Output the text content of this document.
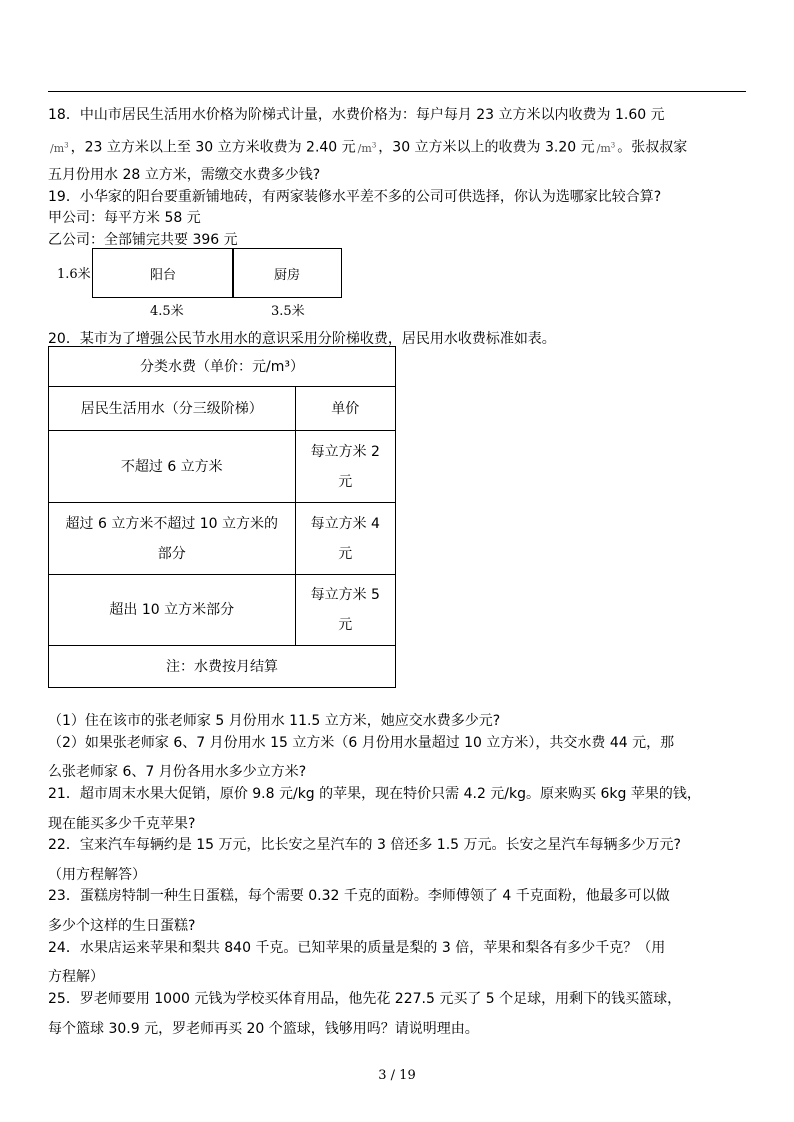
18．中山市居民生活用水价格为阶梯式计量，水费价格为：每户每月 23 立方米以内收费为 1.60 元
$/m^3$ ，23 立方米以上至 30 立方米收费为 2.40 元 $/m^3$ ，30 立方米以上的收费为 3.20 元 $/m^3$ 。张叔叔家
五月份用水 28 立方米，需缴交水费多少钱?
19．小华家的阳台要重新铺地砖，有两家装修水平差不多的公司可供选择，你认为选哪家比较合算?
甲公司：每平方米 58 元
乙公司：全部铺完共要 396 元
1.6米	阳台	厨房
4.5米	3.5米
20．某市为了增强公民节水用水的意识采用分阶梯收费，居民用水收费标准如表。
分类水费（单价：元/m³）	
居民生活用水（分三级阶梯）	单价
不超过 6 立方米	每立方米 2
元
超过 6 立方米不超过 10 立方米的
部分	每立方米 4
元
超出 10 立方米部分	每立方米 5
元
注：水费按月结算	
（1）住在该市的张老师家 5 月份用水 11.5 立方米，她应交水费多少元?
（2）如果张老师家 6、7 月份用水 15 立方米（6 月份用水量超过 10 立方米），共交水费 44 元，那
么张老师家 6、7 月份各用水多少立方米?
21．超市周末水果大促销，原价 9.8 元/kg 的苹果，现在特价只需 4.2 元/kg。原来购买 6kg 苹果的钱，
现在能买多少千克苹果?
22．宝来汽车每辆约是 15 万元，比长安之星汽车的 3 倍还多 1.5 万元。长安之星汽车每辆多少万元?
（用方程解答）
23．蛋糕房特制一种生日蛋糕，每个需要 0.32 千克的面粉。李师傅领了 4 千克面粉，他最多可以做
多少个这样的生日蛋糕?
24．水果店运来苹果和梨共 840 千克。已知苹果的质量是梨的 3 倍，苹果和梨各有多少千克？（用
方程解）
25．罗老师要用 1000 元钱为学校买体育用品，他先花 227.5 元买了 5 个足球，用剩下的钱买篮球，
每个篮球 30.9 元，罗老师再买 20 个篮球，钱够用吗？请说明理由。
3 / 19
